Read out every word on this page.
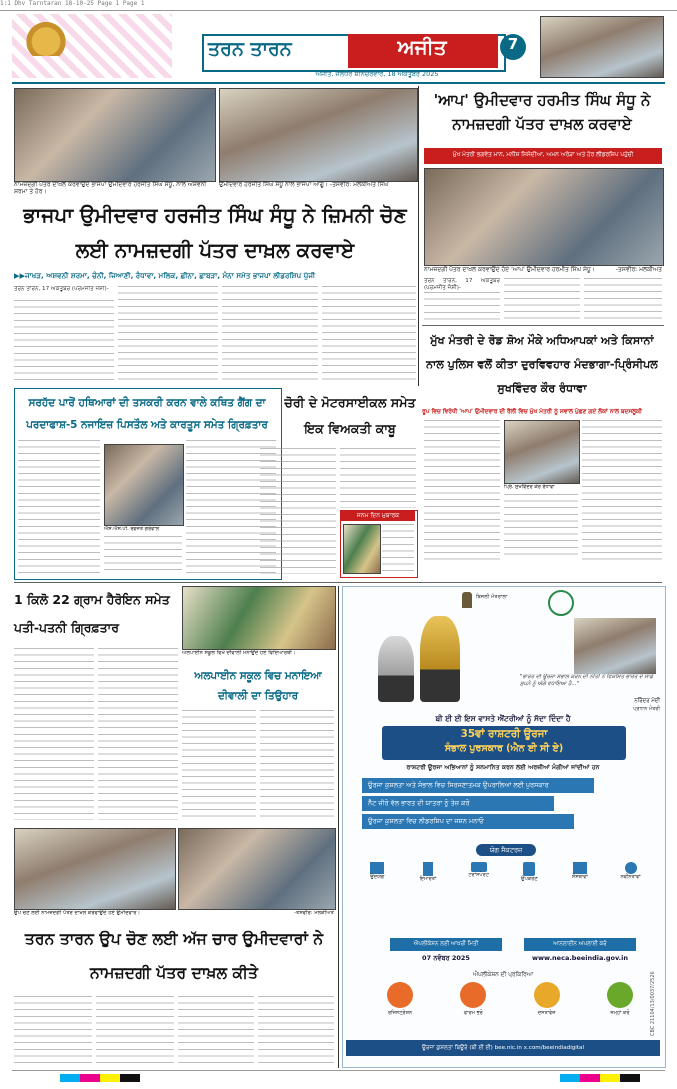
1:1 Dhv Tarntaran 18-10-25 Page 1 Page 1
ਤਰਨ ਤਾਰਨ	ਅਜੀਤ	7
ਅਜੀਤ, ਜਲੰਧਰ ਸ਼ਨਿੱਚਰਵਾਰ, 18 ਅਕਤੂਬਰ 2025
ਨਾਮਜ਼ਦਗੀ ਪੱਤਰ ਦਾਖ਼ਲ ਕਰਵਾਉਂਦੇ ਭਾਜਪਾ ਉਮੀਦਵਾਰ ਹਰਜੀਤ ਸਿੰਘ ਸੰਧੂ, ਨਾਲ ਅਸ਼ਵਨੀ ਸ਼ਰਮਾ ਤੇ ਹੋਰ।
ਉਮੀਦਵਾਰ ਹਰਜੀਤ ਸਿੰਘ ਸੰਧੂ ਨਾਲ ਭਾਜਪਾ ਆਗੂ। -ਤਸਵੀਰ: ਮਲਕੀਅਤ ਸਿੰਘ
ਭਾਜਪਾ ਉਮੀਦਵਾਰ ਹਰਜੀਤ ਸਿੰਘ ਸੰਧੂ ਨੇ ਜ਼ਿਮਨੀ ਚੋਣ ਲਈ ਨਾਮਜ਼ਦਗੀ ਪੱਤਰ ਦਾਖ਼ਲ ਕਰਵਾਏ
▶▶ਜਾਖੜ, ਅਸ਼ਵਨੀ ਸ਼ਰਮਾ, ਚੰਨੀ, ਜਿਆਣੀ, ਰੰਧਾਵਾ, ਮਲਿਕ, ਛੀਨਾ, ਛਾਬੜਾ, ਮੰਨਾ ਸਮੇਤ ਭਾਜਪਾ ਲੀਡਰਸ਼ਿਪ ਪੁੱਜੀ
ਤਰਨ ਤਾਰਨ, 17 ਅਕਤੂਬਰ (ਪਰਮਜੀਤ ਜੋਸ਼ੀ)-
'ਆਪ' ਉਮੀਦਵਾਰ ਹਰਮੀਤ ਸਿੰਘ ਸੰਧੂ ਨੇ ਨਾਮਜ਼ਦਗੀ ਪੱਤਰ ਦਾਖ਼ਲ ਕਰਵਾਏ
ਮੁੱਖ ਮੰਤਰੀ ਭਗਵੰਤ ਮਾਨ, ਮਨੀਸ਼ ਸਿਸੋਦੀਆ, ਅਮਨ ਅਰੋੜਾ ਅਤੇ ਹੋਰ ਲੀਡਰਸ਼ਿਪ ਪਹੁੰਚੀ
ਨਾਮਜ਼ਦਗੀ ਪੱਤਰ ਦਾਖ਼ਲ ਕਰਵਾਉਂਦੇ ਹੋਏ 'ਆਪ' ਉਮੀਦਵਾਰ ਹਰਮੀਤ ਸਿੰਘ ਸੰਧੂ।	-ਤਸਵੀਰ: ਮਲਕੀਅਤ
ਤਰਨ ਤਾਰਨ, 17 ਅਕਤੂਬਰ (ਪਰਮਜੀਤ ਜੋਸ਼ੀ)-
ਮੁੱਖ ਮੰਤਰੀ ਦੇ ਰੋਡ ਸ਼ੋਅ ਮੌਕੇ ਅਧਿਆਪਕਾਂ ਅਤੇ ਕਿਸਾਨਾਂ ਨਾਲ ਪੁਲਿਸ ਵਲੋਂ ਕੀਤਾ ਦੁਰਵਿਵਹਾਰ ਮੰਦਭਾਗਾ-ਪ੍ਰਿੰਸੀਪਲ ਸੁਖਵਿੰਦਰ ਕੌਰ ਰੰਧਾਵਾ
ਰੂਪ ਵਿਚ ਵਿਰੋਧੀ 'ਆਪ' ਉਮੀਦਵਾਰ ਦੀ ਰੈਲੀ ਵਿਚ ਮੁੱਖ ਮੰਤਰੀ ਨੂੰ ਸਵਾਲ ਪੁੱਛਣ ਗਏ ਲੋਕਾਂ ਨਾਲ ਬਦਸਲੂਕੀ
ਪ੍ਰਿੰ. ਸੁਖਵਿੰਦਰ ਕੌਰ ਰੰਧਾਵਾ
ਸਰਹੱਦ ਪਾਰੋਂ ਹਥਿਆਰਾਂ ਦੀ ਤਸਕਰੀ ਕਰਨ ਵਾਲੇ ਕਥਿਤ ਗੈਂਗ ਦਾ ਪਰਦਾਫਾਸ਼-5 ਨਜਾਇਜ਼ ਪਿਸਤੌਲ ਅਤੇ ਕਾਰਤੂਸ ਸਮੇਤ ਗ੍ਰਿਫ਼ਤਾਰ
ਐਸ.ਐਸ.ਪੀ. ਰਵਜੋਤ ਗਰੇਵਾਲ
ਚੋਰੀ ਦੇ ਮੋਟਰਸਾਈਕਲ ਸਮੇਤ ਇਕ ਵਿਅਕਤੀ ਕਾਬੂ
ਜਨਮ ਦਿਨ ਮੁਬਾਰਕ
1 ਕਿਲੋ 22 ਗ੍ਰਾਮ ਹੈਰੋਇਨ ਸਮੇਤ ਪਤੀ-ਪਤਨੀ ਗ੍ਰਿਫ਼ਤਾਰ
ਅਲਪਾਈਨ ਸਕੂਲ ਵਿਖੇ ਦੀਵਾਲੀ ਮਨਾਉਂਦੇ ਹੋਏ ਵਿਦਿਆਰਥੀ।
ਅਲਪਾਈਨ ਸਕੂਲ ਵਿਚ ਮਨਾਇਆ ਦੀਵਾਲੀ ਦਾ ਤਿਉਹਾਰ
ਉਪ ਚੋਣ ਲਈ ਨਾਮਜ਼ਦਗੀ ਪੱਤਰ ਦਾਖ਼ਲ ਕਰਵਾਉਂਦੇ ਹੋਏ ਉਮੀਦਵਾਰ।	-ਤਸਵੀਰ: ਮਲਕੀਅਤ
ਤਰਨ ਤਾਰਨ ਉਪ ਚੋਣ ਲਈ ਅੱਜ ਚਾਰ ਉਮੀਦਵਾਰਾਂ ਨੇ ਨਾਮਜ਼ਦਗੀ ਪੱਤਰ ਦਾਖ਼ਲ ਕੀਤੇ
ਬਿਜਲੀ ਮੰਤਰਾਲਾ
"ਭਾਰਤ ਦੀ ਊਰਜਾ ਸੰਭਾਲ ਕਰਨ ਦੀ ਨੀਤੀ ਨੇ ਵਿਕਸਿਤ ਭਾਰਤ ਦੇ ਸਾਡੇ ਸੁਪਨੇ ਨੂੰ ਅੱਗੇ ਵਧਾਇਆ ਹੈ..."
ਨਰਿੰਦਰ ਮੋਦੀ
ਪ੍ਰਧਾਨ ਮੰਤਰੀ
ਬੀ ਈ ਈ ਇਸ ਵਾਸਤੇ ਐਂਟਰੀਆਂ ਨੂੰ ਸੱਦਾ ਦਿੰਦਾ ਹੈ
35ਵਾਂ ਰਾਸ਼ਟਰੀ ਊਰਜਾ
ਸੰਭਾਲ ਪੁਰਸਕਾਰ (ਐਨ ਈ ਸੀ ਏ)
ਰਾਸ਼ਟਰੀ ਊਰਜਾ ਅਭਿਆਨਾਂ ਨੂੰ ਸਨਮਾਨਿਤ ਕਰਨ ਲਈ ਅਰਜ਼ੀਆਂ ਮੰਗੀਆਂ ਜਾਂਦੀਆਂ ਹਨ
ਊਰਜਾ ਕੁਸ਼ਲਤਾ ਅਤੇ ਸੰਭਾਲ ਵਿਚ ਸਿਰਜਣਾਤਮਕ ਉਪਰਾਲਿਆਂ ਲਈ ਪੁਰਸਕਾਰ
ਨੈੱਟ ਜ਼ੀਰੋ ਵੱਲ ਭਾਰਤ ਦੀ ਯਾਤਰਾ ਨੂੰ ਤੇਜ਼ ਕਰੋ
ਊਰਜਾ ਕੁਸ਼ਲਤਾ ਵਿਚ ਲੀਡਰਸ਼ਿਪ ਦਾ ਜਸ਼ਨ ਮਨਾਓ
ਯੋਗ ਸੈਕਟਰਜ਼
ਉਦਯੋਗ	ਇਮਾਰਤਾਂ
ਟਰਾਂਸਪੋਰਟ
ਉਪਕਰਣ	ਸੰਸਥਾਵਾਂ	ਨਵੀਨਤਾਵਾਂ
ਐਪਲੀਕੇਸ਼ਨ ਲਈ ਆਖ਼ਰੀ ਮਿਤੀ
07 ਨਵੰਬਰ 2025
ਆਨਲਾਈਨ ਅਪਲਾਈ ਕਰੋ
www.neca.beeindia.gov.in
ਐਪਲੀਕੇਸ਼ਨ ਦੀ ਪ੍ਰਕਿਰਿਆ
ਰਜਿਸਟ੍ਰੇਸ਼ਨ	ਫਾਰਮ ਭਰੋ	ਦਸਤਾਵੇਜ਼	ਜਮ੍ਹਾਂ ਕਰੋ
ਊਰਜਾ ਕੁਸ਼ਲਤਾ ਬਿਊਰੋ (ਬੀ ਈ ਈ) bee.nic.in x.com/beeindiadigital
CBC 21104/13/0037/2526
